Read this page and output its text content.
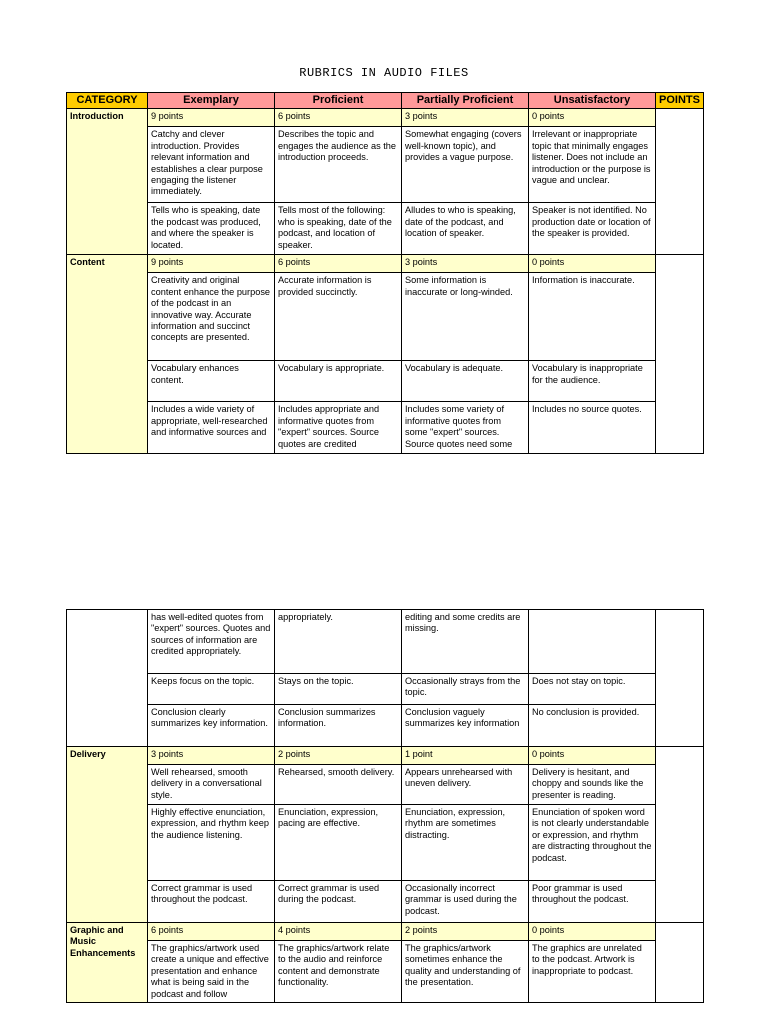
RUBRICS IN AUDIO FILES
CATEGORY	Exemplary	Proficient	Partially Proficient	Unsatisfactory	POINTS
Introduction	9 points	6 points	3 points	0 points	
	Catchy and clever introduction. Provides relevant information and establishes a clear purpose engaging the listener immediately.	Describes the topic and engages the audience as the introduction proceeds.	Somewhat engaging (covers well-known topic), and provides a vague purpose.	Irrelevant or inappropriate topic that minimally engages listener. Does not include an introduction or the purpose is vague and unclear.	
	Tells who is speaking, date the podcast was produced, and where the speaker is located.	Tells most of the following: who is speaking, date of the podcast, and location of speaker.	Alludes to who is speaking, date of the podcast, and location of speaker.	Speaker is not identified. No production date or location of the speaker is provided.	
Content	9 points	6 points	3 points	0 points	
	Creativity and original content enhance the purpose of the podcast in an innovative way. Accurate information and succinct concepts are presented.	Accurate information is provided succinctly.	Some information is inaccurate or long-winded.	Information is inaccurate.	
	Vocabulary enhances content.	Vocabulary is appropriate.	Vocabulary is adequate.	Vocabulary is inappropriate for the audience.	
	Includes a wide variety of appropriate, well-researched and informative sources and	Includes appropriate and informative quotes from "expert" sources. Source quotes are credited	Includes some variety of informative quotes from some "expert" sources. Source quotes need some	Includes no source quotes.	
	has well-edited quotes from "expert" sources. Quotes and sources of information are credited appropriately.	appropriately.	editing and some credits are missing.		
	Keeps focus on the topic.	Stays on the topic.	Occasionally strays from the topic.	Does not stay on topic.	
	Conclusion clearly summarizes key information.	Conclusion summarizes information.	Conclusion vaguely summarizes key information	No conclusion is provided.	
Delivery	3 points	2 points	1 point	0 points	
	Well rehearsed, smooth delivery in a conversational style.	Rehearsed, smooth delivery.	Appears unrehearsed with uneven delivery.	Delivery is hesitant, and choppy and sounds like the presenter is reading.	
	Highly effective enunciation, expression, and rhythm keep the audience listening.	Enunciation, expression, pacing are effective.	Enunciation, expression, rhythm are sometimes distracting.	Enunciation of spoken word is not clearly understandable or expression, and rhythm are distracting throughout the podcast.	
	Correct grammar is used throughout the podcast.	Correct grammar is used during the podcast.	Occasionally incorrect grammar is used during the podcast.	Poor grammar is used throughout the podcast.	
Graphic and Music Enhancements	6 points	4 points	2 points	0 points	
	The graphics/artwork used create a unique and effective presentation and enhance what is being said in the podcast and follow	The graphics/artwork relate to the audio and reinforce content and demonstrate functionality.	The graphics/artwork sometimes enhance the quality and understanding of the presentation.	The graphics are unrelated to the podcast. Artwork is inappropriate to podcast.	
